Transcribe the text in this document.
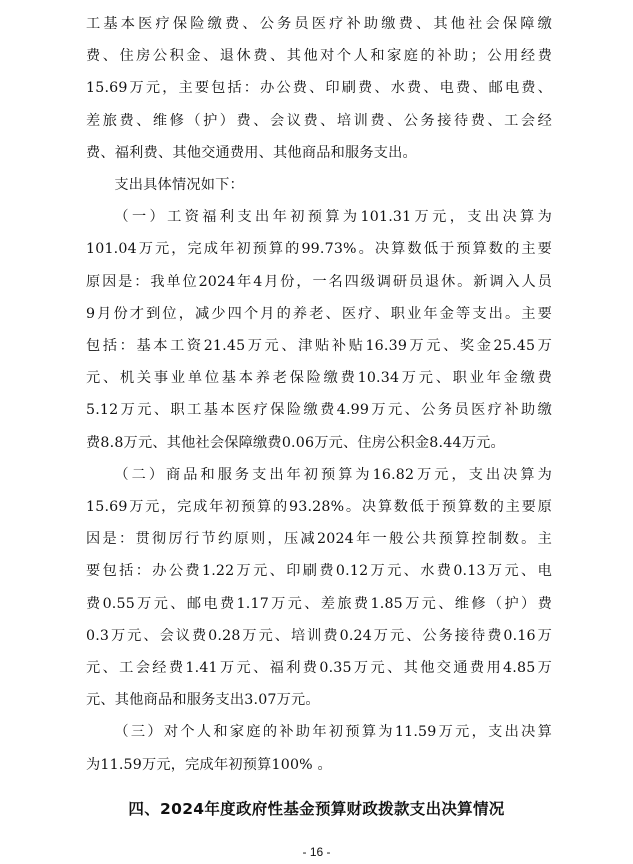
工基本医疗保险缴费、公务员医疗补助缴费、其他社会保障缴
费、住房公积金、退休费、其他对个人和家庭的补助；公用经费
15.69万元，主要包括：办公费、印刷费、水费、电费、邮电费、
差旅费、维修（护）费、会议费、培训费、公务接待费、工会经
费、福利费、其他交通费用、其他商品和服务支出。

支出具体情况如下：

（一）工资福利支出年初预算为101.31万元，支出决算为
101.04万元，完成年初预算的99.73%。决算数低于预算数的主要
原因是：我单位2024年4月份，一名四级调研员退休。新调入人员
9月份才到位，减少四个月的养老、医疗、职业年金等支出。主要
包括：基本工资21.45万元、津贴补贴16.39万元、奖金25.45万
元、机关事业单位基本养老保险缴费10.34万元、职业年金缴费
5.12万元、职工基本医疗保险缴费4.99万元、公务员医疗补助缴
费8.8万元、其他社会保障缴费0.06万元、住房公积金8.44万元。

（二）商品和服务支出年初预算为16.82万元，支出决算为
15.69万元，完成年初预算的93.28%。决算数低于预算数的主要原
因是：贯彻厉行节约原则，压减2024年一般公共预算控制数。主
要包括：办公费1.22万元、印刷费0.12万元、水费0.13万元、电
费0.55万元、邮电费1.17万元、差旅费1.85万元、维修（护）费
0.3万元、会议费0.28万元、培训费0.24万元、公务接待费0.16万
元、工会经费1.41万元、福利费0.35万元、其他交通费用4.85万
元、其他商品和服务支出3.07万元。

（三）对个人和家庭的补助年初预算为11.59万元，支出决算
为11.59万元，完成年初预算100% 。

四、2024年度政府性基金预算财政拨款支出决算情况
- 16 -
